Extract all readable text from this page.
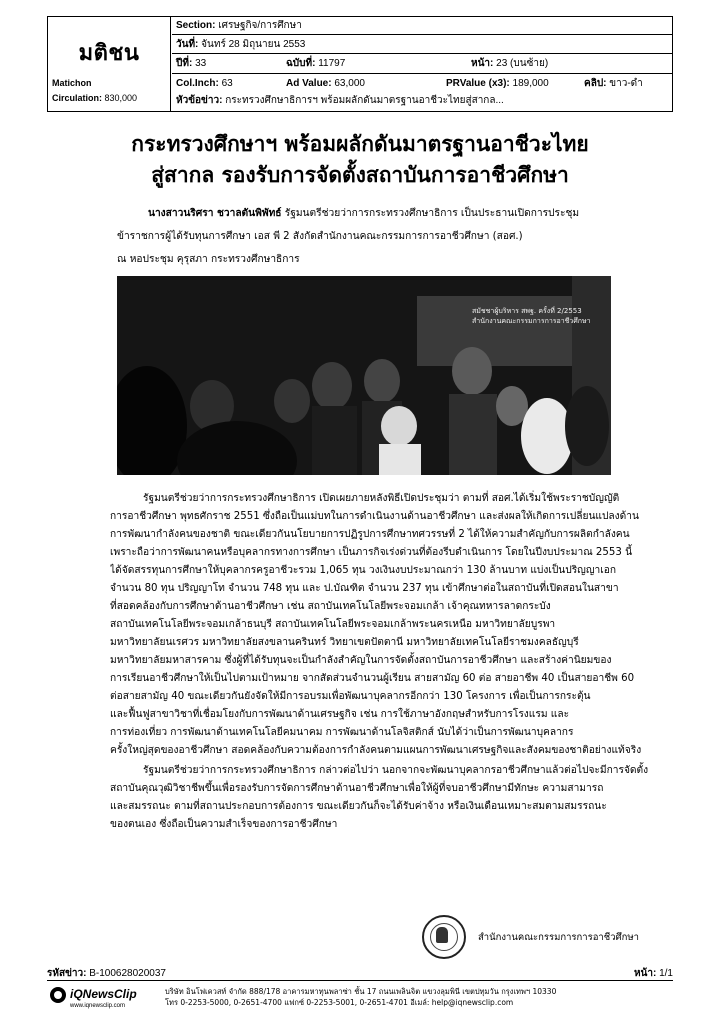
มติชน
Matichon
Circulation: 830,000
Section: เศรษฐกิจ/การศึกษา
วันที่: จันทร์ 28 มิถุนายน 2553
ปีที่: 33	ฉบับที่: 11797	หน้า: 23 (บนซ้าย)
Col.Inch: 63	Ad Value: 63,000	PRValue (x3): 189,000	คลิป: ขาว-ดำ
หัวข้อข่าว: กระทรวงศึกษาธิการฯ พร้อมผลักดันมาตรฐานอาชีวะไทยสู่สากล...
กระทรวงศึกษาฯ พร้อมผลักดันมาตรฐานอาชีวะไทย
สู่สากล รองรับการจัดตั้งสถาบันการอาชีวศึกษา
นางสาวนริศรา ชวาลตันพิพัทธ์ รัฐมนตรีช่วยว่าการกระทรวงศึกษาธิการ เป็นประธานเปิดการประชุม
ข้าราชการผู้ได้รับทุนการศึกษา เอส พี 2 สังกัดสำนักงานคณะกรรมการการอาชีวศึกษา (สอศ.)
ณ หอประชุม คุรุสภา กระทรวงศึกษาธิการ
สมัชชาผู้บริหาร สพฐ. ครั้งที่ 2/2553
สำนักงานคณะกรรมการการอาชีวศึกษา
รัฐมนตรีช่วยว่าการกระทรวงศึกษาธิการ เปิดเผยภายหลังพิธีเปิดประชุมว่า ตามที่ สอศ.ได้เริ่มใช้พระราชบัญญัติ
การอาชีวศึกษา พุทธศักราช 2551 ซึ่งถือเป็นแม่บทในการดำเนินงานด้านอาชีวศึกษา และส่งผลให้เกิดการเปลี่ยนแปลงด้าน
การพัฒนากำลังคนของชาติ ขณะเดียวกันนโยบายการปฏิรูปการศึกษาทศวรรษที่ 2 ได้ให้ความสำคัญกับการผลิตกำลังคน
เพราะถือว่าการพัฒนาคนหรือบุคลากรทางการศึกษา เป็นภารกิจเร่งด่วนที่ต้องรีบดำเนินการ โดยในปีงบประมาณ 2553 นี้
ได้จัดสรรทุนการศึกษาให้บุคลากรครูอาชีวะรวม 1,065 ทุน วงเงินงบประมาณกว่า 130 ล้านบาท แบ่งเป็นปริญญาเอก
จำนวน 80 ทุน ปริญญาโท จำนวน 748 ทุน และ ป.บัณฑิต จำนวน 237 ทุน เข้าศึกษาต่อในสถาบันที่เปิดสอนในสาขา
ที่สอดคล้องกับการศึกษาด้านอาชีวศึกษา เช่น สถาบันเทคโนโลยีพระจอมเกล้า เจ้าคุณทหารลาดกระบัง
สถาบันเทคโนโลยีพระจอมเกล้าธนบุรี สถาบันเทคโนโลยีพระจอมเกล้าพระนครเหนือ มหาวิทยาลัยบูรพา
มหาวิทยาลัยนเรศวร มหาวิทยาลัยสงขลานครินทร์ วิทยาเขตปัตตานี มหาวิทยาลัยเทคโนโลยีราชมงคลธัญบุรี
มหาวิทยาลัยมหาสารคาม ซึ่งผู้ที่ได้รับทุนจะเป็นกำลังสำคัญในการจัดตั้งสถาบันการอาชีวศึกษา และสร้างค่านิยมของ
การเรียนอาชีวศึกษาให้เป็นไปตามเป้าหมาย จากสัดส่วนจำนวนผู้เรียน สายสามัญ 60 ต่อ สายอาชีพ 40 เป็นสายอาชีพ 60
ต่อสายสามัญ 40 ขณะเดียวกันยังจัดให้มีการอบรมเพื่อพัฒนาบุคลากรอีกกว่า 130 โครงการ เพื่อเป็นการกระตุ้น
และฟื้นฟูสาขาวิชาที่เชื่อมโยงกับการพัฒนาด้านเศรษฐกิจ เช่น การใช้ภาษาอังกฤษสำหรับการโรงแรม และ
การท่องเที่ยว การพัฒนาด้านเทคโนโลยีคมนาคม การพัฒนาด้านโลจิสติกส์ นับได้ว่าเป็นการพัฒนาบุคลากร
ครั้งใหญ่สุดของอาชีวศึกษา สอดคล้องกับความต้องการกำลังคนตามแผนการพัฒนาเศรษฐกิจและสังคมของชาติอย่างแท้จริง
รัฐมนตรีช่วยว่าการกระทรวงศึกษาธิการ กล่าวต่อไปว่า นอกจากจะพัฒนาบุคลากรอาชีวศึกษาแล้วต่อไปจะมีการจัดตั้ง
สถาบันคุณวุฒิวิชาชีพขึ้นเพื่อรองรับการจัดการศึกษาด้านอาชีวศึกษาเพื่อให้ผู้ที่จบอาชีวศึกษามีทักษะ ความสามารถ
และสมรรถนะ ตามที่สถานประกอบการต้องการ ขณะเดียวกันก็จะได้รับค่าจ้าง หรือเงินเดือนเหมาะสมตามสมรรถนะ
ของตนเอง ซึ่งถือเป็นความสำเร็จของการอาชีวศึกษา
สำนักงานคณะกรรมการการอาชีวศึกษา
รหัสข่าว: B-100628020037	หน้า: 1/1
iQNewsClip
www.iqnewsclip.com
บริษัท อินโฟเควสท์ จำกัด 888/178 อาคารมหาทุนพลาซ่า ชั้น 17 ถนนเพลินจิต แขวงลุมพินี เขตปทุมวัน กรุงเทพฯ 10330
โทร 0-2253-5000, 0-2651-4700 แฟกซ์ 0-2253-5001, 0-2651-4701 อีเมล์: help@iqnewsclip.com
